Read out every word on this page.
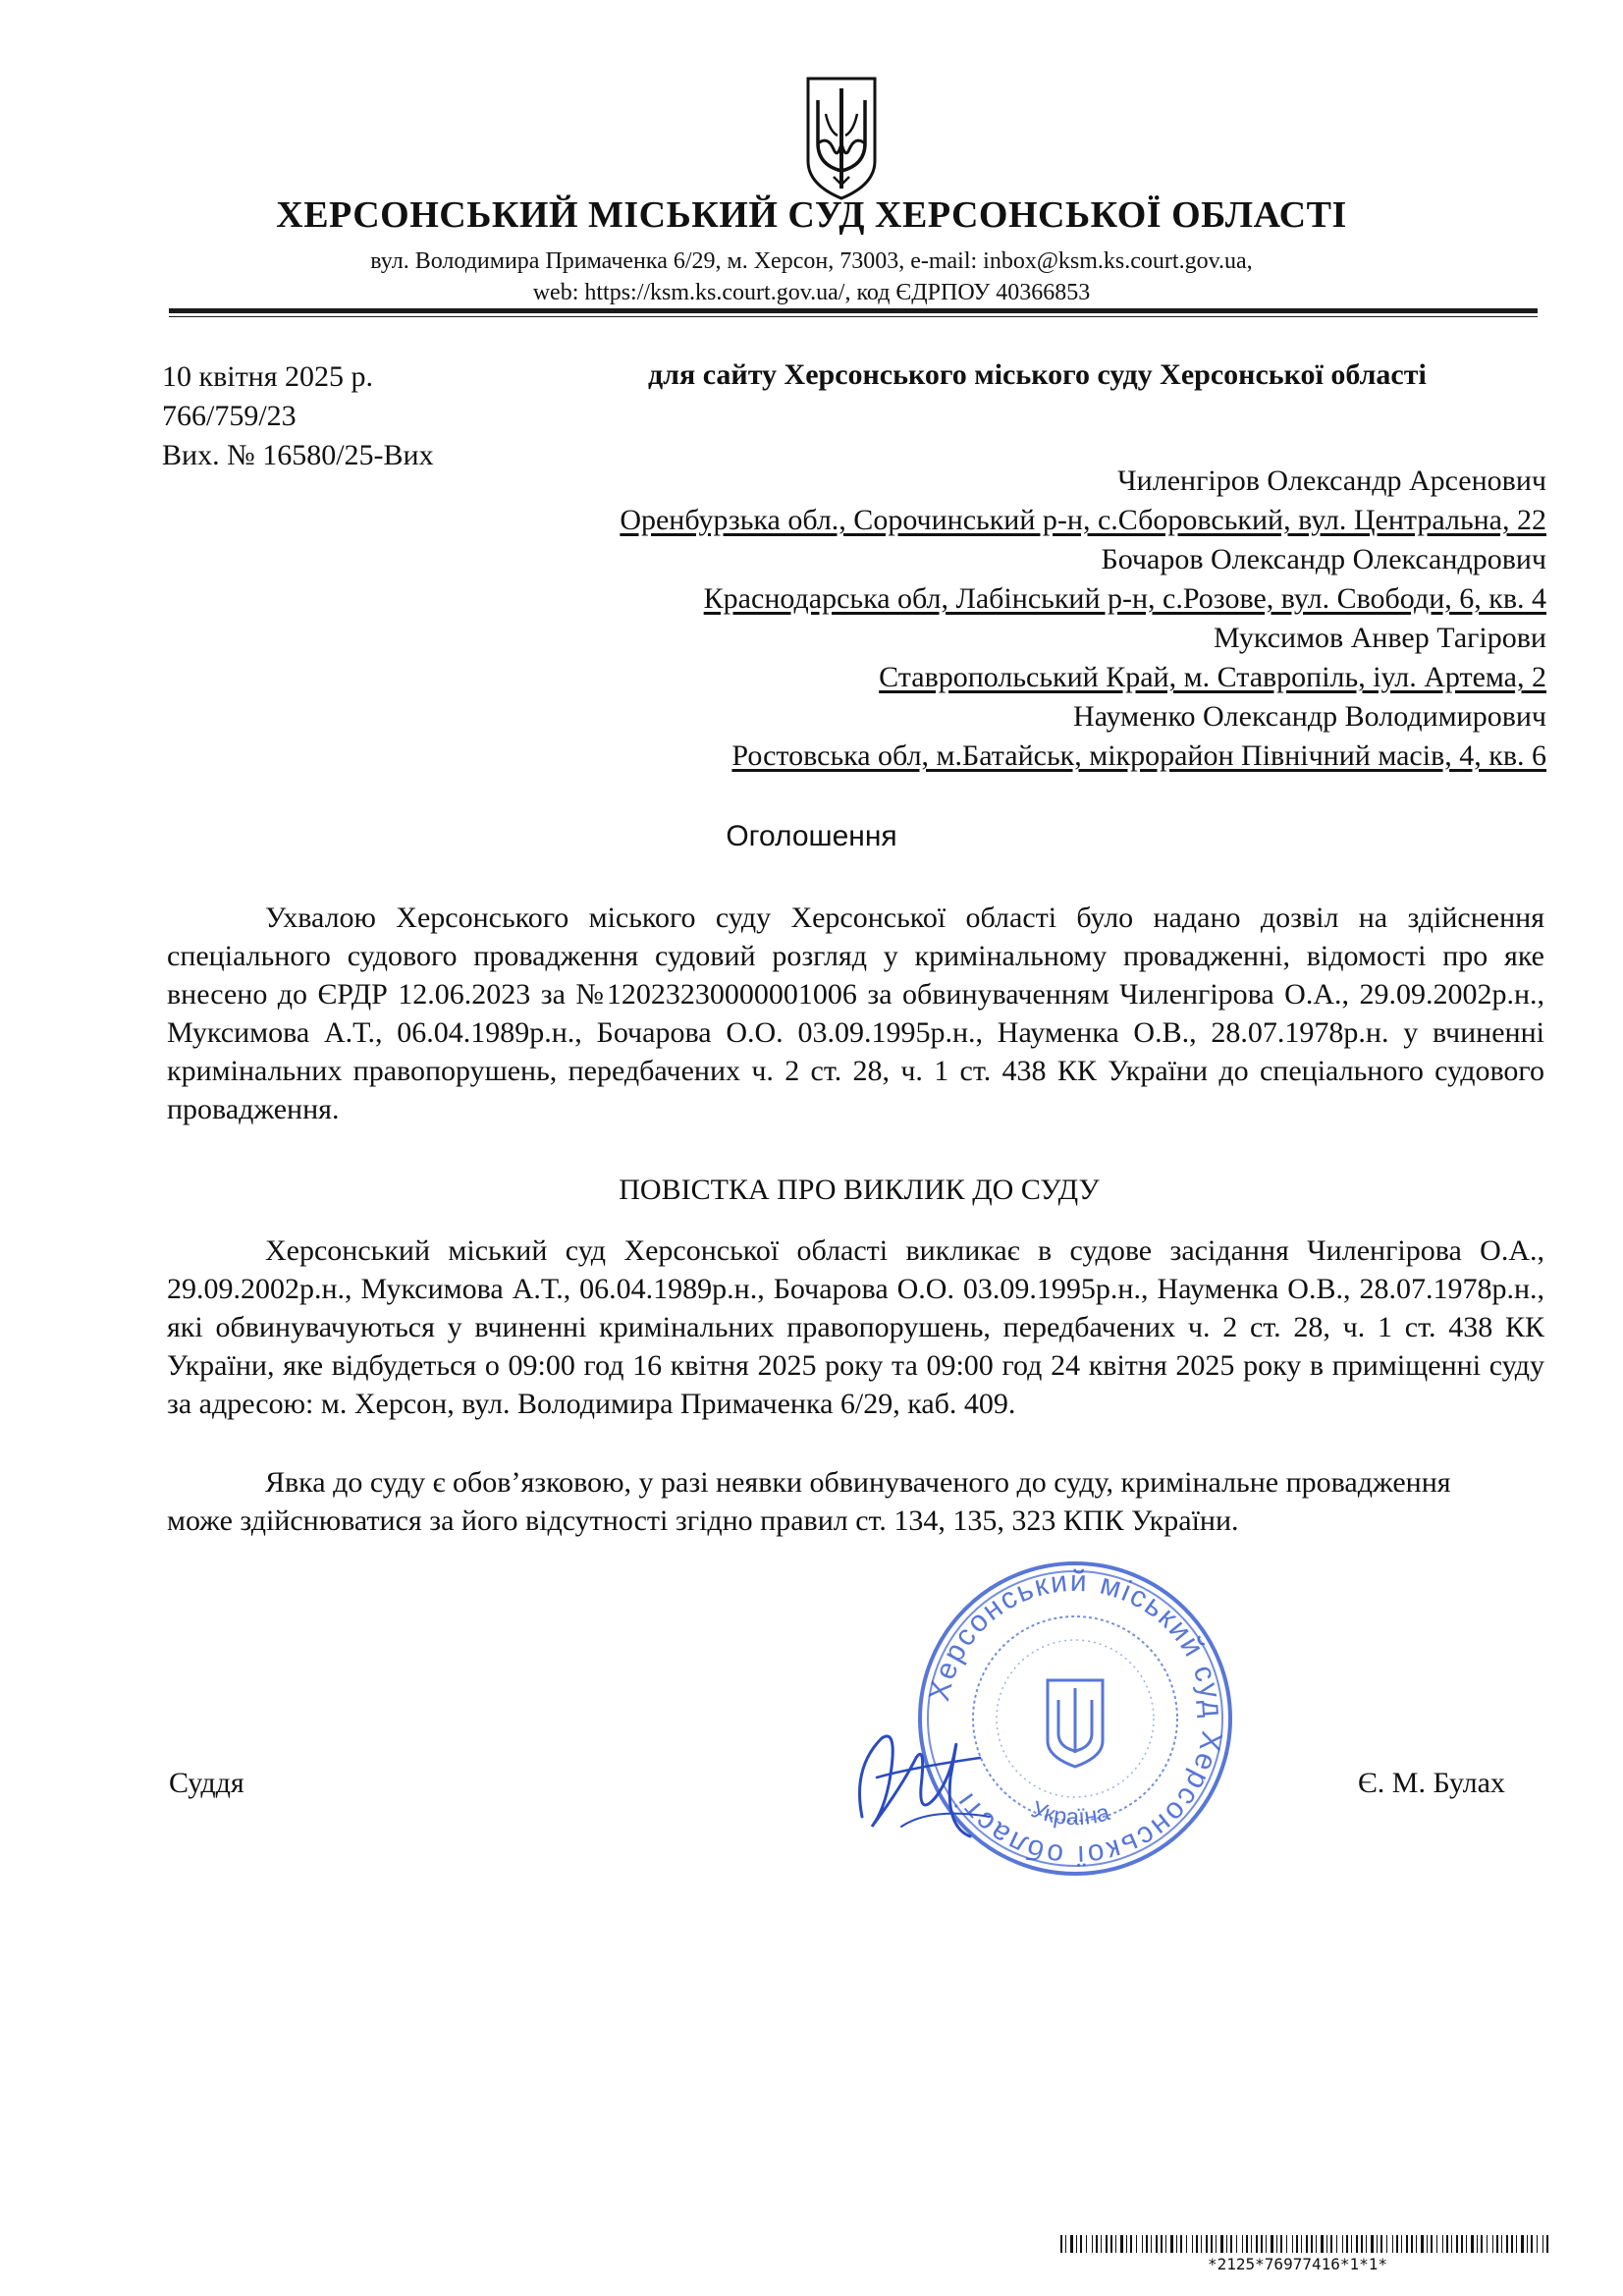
ХЕРСОНСЬКИЙ МІСЬКИЙ СУД ХЕРСОНСЬКОЇ ОБЛАСТІ
вул. Володимира Примаченка 6/29, м. Херсон, 73003, e-mail: inbox@ksm.ks.court.gov.ua,
web: https://ksm.ks.court.gov.ua/, код ЄДРПОУ 40366853
10 квітня 2025 р.
766/759/23
Вих. № 16580/25-Вих
для сайту Херсонського міського суду Херсонської області
Чиленгіров Олександр Арсенович
Оренбурзька обл., Сорочинський р-н, с.Сборовський, вул. Центральна, 22
Бочаров Олександр Олександрович
Краснодарська обл, Лабінський р-н, с.Розове, вул. Свободи, 6, кв. 4
Муксимов Анвер Тагірови
Ставропольський Край, м. Ставропіль, іул. Артема, 2
Науменко Олександр Володимирович
Ростовська обл, м.Батайськ, мікрорайон Північний масів, 4, кв. 6
Оголошення
Ухвалою Херсонського міського суду Херсонської області було надано дозвіл на здійснення спеціального судового провадження судовий розгляд у кримінальному провадженні, відомості про яке внесено до ЄРДР 12.06.2023 за №12023230000001006 за обвинуваченням Чиленгірова О.А., 29.09.2002р.н., Муксимова А.Т., 06.04.1989р.н., Бочарова О.О. 03.09.1995р.н., Науменка О.В., 28.07.1978р.н. у вчиненні кримінальних правопорушень, передбачених ч. 2 ст. 28, ч. 1 ст. 438 КК України до спеціального судового провадження.
ПОВІСТКА ПРО ВИКЛИК ДО СУДУ
Херсонський міський суд Херсонської області викликає в судове засідання Чиленгірова О.А., 29.09.2002р.н., Муксимова А.Т., 06.04.1989р.н., Бочарова О.О. 03.09.1995р.н., Науменка О.В., 28.07.1978р.н., які обвинувачуються у вчиненні кримінальних правопорушень, передбачених ч. 2 ст. 28, ч. 1 ст. 438 КК України, яке відбудеться о 09:00 год 16 квітня 2025 року та 09:00 год 24 квітня 2025 року в приміщенні суду за адресою: м. Херсон, вул. Володимира Примаченка 6/29, каб. 409.
Явка до суду є обов’язковою, у разі неявки обвинуваченого до суду, кримінальне провадження може здійснюватися за його відсутності згідно правил ст. 134, 135, 323 КПК України.
Суддя	Є. М. Булах
Херсонський міський суд Херсонської області	Україна
*2125*76977416*1*1*
